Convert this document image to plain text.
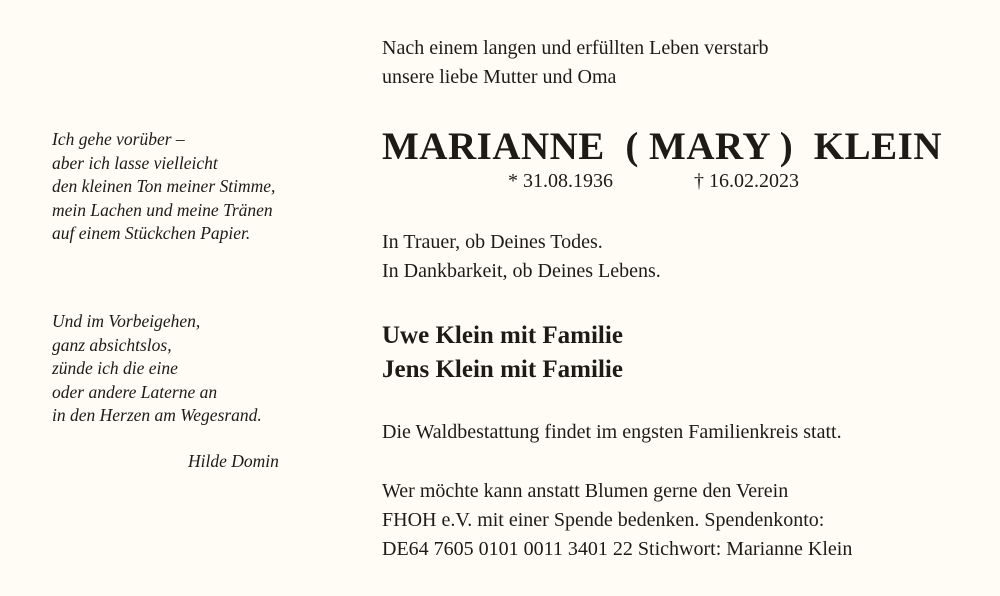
Ich gehe vorüber –
aber ich lasse vielleicht
den kleinen Ton meiner Stimme,
mein Lachen und meine Tränen
auf einem Stückchen Papier.
Und im Vorbeigehen,
ganz absichtslos,
zünde ich die eine
oder andere Laterne an
in den Herzen am Wegesrand.
Hilde Domin
Nach einem langen und erfüllten Leben verstarb
unsere liebe Mutter und Oma
MARIANNE  ( MARY )  KLEIN
* 31.08.1936	† 16.02.2023
In Trauer, ob Deines Todes.
In Dankbarkeit, ob Deines Lebens.
Uwe Klein mit Familie
Jens Klein mit Familie
Die Waldbestattung findet im engsten Familienkreis statt.
Wer möchte kann anstatt Blumen gerne den Verein
FHOH e.V. mit einer Spende bedenken. Spendenkonto:
DE64 7605 0101 0011 3401 22 Stichwort: Marianne Klein
